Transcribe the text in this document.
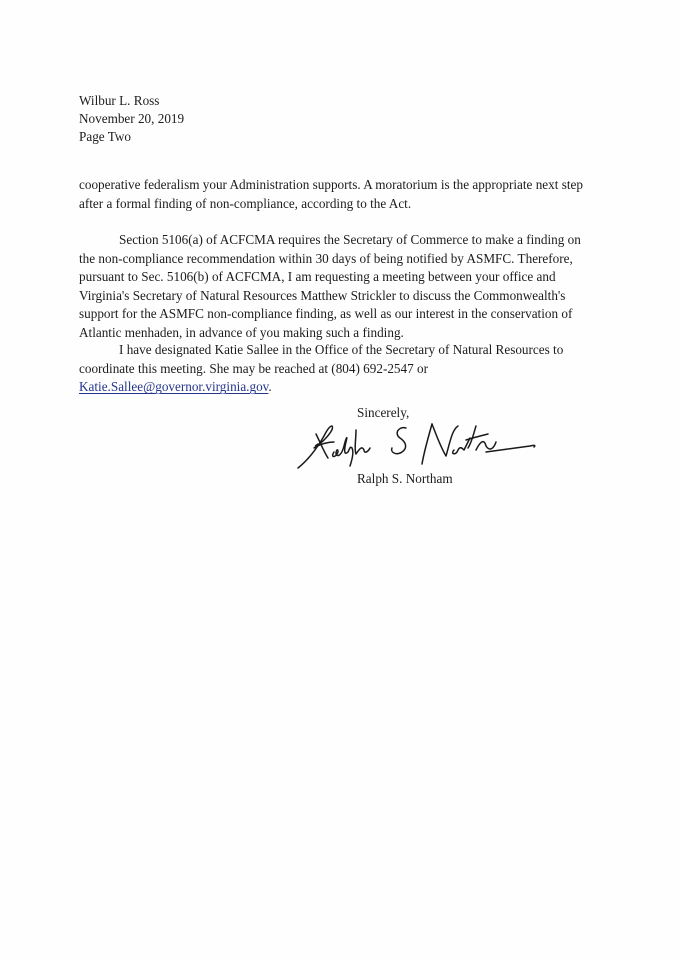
Wilbur L. Ross
November 20, 2019
Page Two
cooperative federalism your Administration supports. A moratorium is the appropriate next step
after a formal finding of non-compliance, according to the Act.
Section 5106(a) of ACFCMA requires the Secretary of Commerce to make a finding on
the non-compliance recommendation within 30 days of being notified by ASMFC. Therefore,
pursuant to Sec. 5106(b) of ACFCMA, I am requesting a meeting between your office and
Virginia's Secretary of Natural Resources Matthew Strickler to discuss the Commonwealth's
support for the ASMFC non-compliance finding, as well as our interest in the conservation of
Atlantic menhaden, in advance of you making such a finding.
I have designated Katie Sallee in the Office of the Secretary of Natural Resources to
coordinate this meeting. She may be reached at (804) 692-2547 or
Katie.Sallee@governor.virginia.gov.
Sincerely,
Ralph S. Northam
